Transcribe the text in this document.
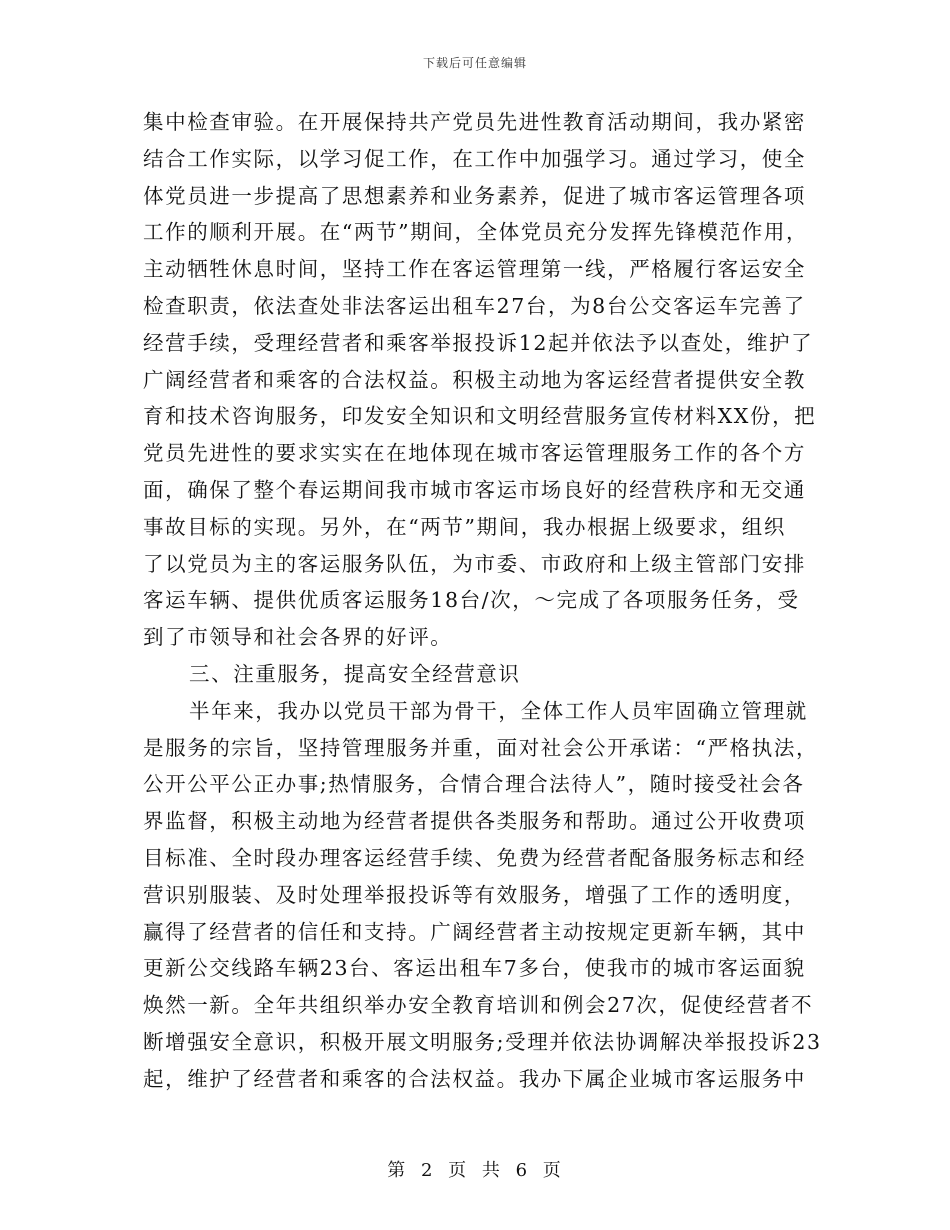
下载后可任意编辑
集中检查审验。在开展保持共产党员先进性教育活动期间，我办紧密
结合工作实际，以学习促工作，在工作中加强学习。通过学习，使全
体党员进一步提高了思想素养和业务素养，促进了城市客运管理各项
工作的顺利开展。在“两节”期间，全体党员充分发挥先锋模范作用，
主动牺牲休息时间，坚持工作在客运管理第一线，严格履行客运安全
检查职责，依法查处非法客运出租车27台，为8台公交客运车完善了
经营手续，受理经营者和乘客举报投诉12起并依法予以查处，维护了
广阔经营者和乘客的合法权益。积极主动地为客运经营者提供安全教
育和技术咨询服务，印发安全知识和文明经营服务宣传材料XX份，把
党员先进性的要求实实在在地体现在城市客运管理服务工作的各个方
面，确保了整个春运期间我市城市客运市场良好的经营秩序和无交通
事故目标的实现。另外，在“两节”期间，我办根据上级要求，组织
了以党员为主的客运服务队伍，为市委、市政府和上级主管部门安排
客运车辆、提供优质客运服务18台/次，～完成了各项服务任务，受
到了市领导和社会各界的好评。
三、注重服务，提高安全经营意识
半年来，我办以党员干部为骨干，全体工作人员牢固确立管理就
是服务的宗旨，坚持管理服务并重，面对社会公开承诺：“严格执法，
公开公平公正办事;热情服务，合情合理合法待人”，随时接受社会各
界监督，积极主动地为经营者提供各类服务和帮助。通过公开收费项
目标准、全时段办理客运经营手续、免费为经营者配备服务标志和经
营识别服装、及时处理举报投诉等有效服务，增强了工作的透明度，
赢得了经营者的信任和支持。广阔经营者主动按规定更新车辆，其中
更新公交线路车辆23台、客运出租车7多台，使我市的城市客运面貌
焕然一新。全年共组织举办安全教育培训和例会27次，促使经营者不
断增强安全意识，积极开展文明服务;受理并依法协调解决举报投诉23
起，维护了经营者和乘客的合法权益。我办下属企业城市客运服务中
第 2 页 共 6 页
